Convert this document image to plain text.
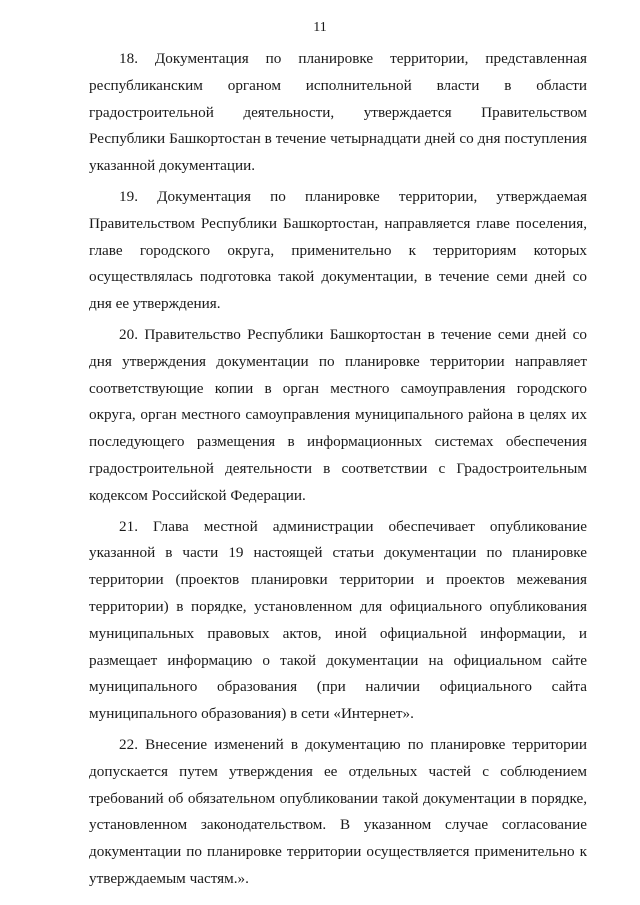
11

18. Документация по планировке территории, представленная республиканским органом исполнительной власти в области градостроительной деятельности, утверждается Правительством Республики Башкортостан в течение четырнадцати дней со дня поступления указанной документации.

19. Документация по планировке территории, утверждаемая Правительством Республики Башкортостан, направляется главе поселения, главе городского округа, применительно к территориям которых осуществлялась подготовка такой документации, в течение семи дней со дня ее утверждения.

20. Правительство Республики Башкортостан в течение семи дней со дня утверждения документации по планировке территории направляет соответствующие копии в орган местного самоуправления городского округа, орган местного самоуправления муниципального района в целях их последующего размещения в информационных системах обеспечения градостроительной деятельности в соответствии с Градостроительным кодексом Российской Федерации.

21. Глава местной администрации обеспечивает опубликование указанной в части 19 настоящей статьи документации по планировке территории (проектов планировки территории и проектов межевания территории) в порядке, установленном для официального опубликования муниципальных правовых актов, иной официальной информации, и размещает информацию о такой документации на официальном сайте муниципального образования (при наличии официального сайта муниципального образования) в сети «Интернет».

22. Внесение изменений в документацию по планировке территории допускается путем утверждения ее отдельных частей с соблюдением требований об обязательном опубликовании такой документации в порядке, установленном законодательством. В указанном случае согласование документации по планировке территории осуществляется применительно к утверждаемым частям.».
